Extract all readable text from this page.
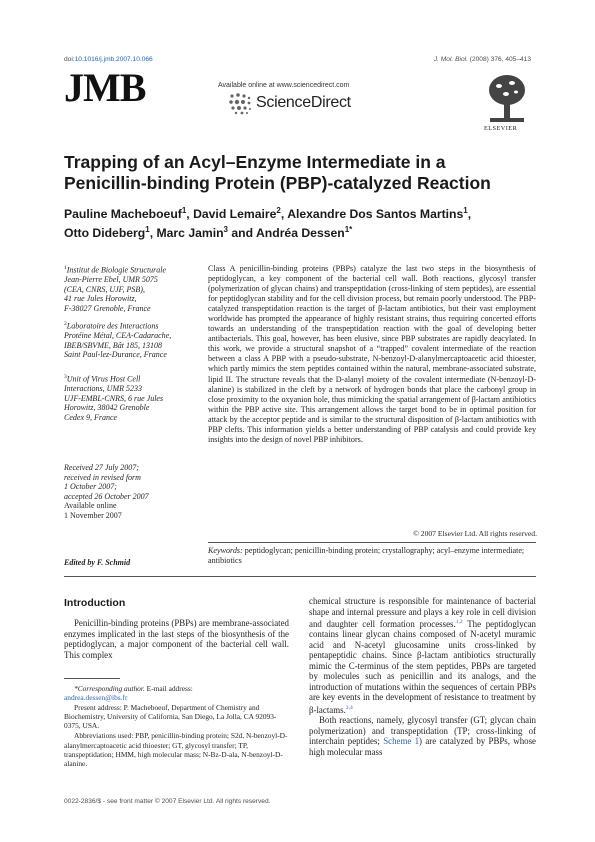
doi:10.1016/j.jmb.2007.10.066	J. Mol. Biol. (2008) 376, 405–413
JMB	Available online at www.sciencedirect.com
ScienceDirect
ELSEVIER
Trapping of an Acyl–Enzyme Intermediate in a
Penicillin-binding Protein (PBP)-catalyzed Reaction
Pauline Macheboeuf$^1$, David Lemaire$^2$, Alexandre Dos Santos Martins$^1$,
Otto Dideberg$^1$, Marc Jamin$^3$ and Andréa Dessen$^{1*}$
$^1$Institut de Biologie Structurale
Jean-Pierre Ebel, UMR 5075
(CEA, CNRS, UJF, PSB),
41 rue Jules Horowitz,
F-38027 Grenoble, France
$^2$Laboratoire des Interactions
Protéine Métal, CEA-Cadarache,
IBEB/SBVME, Bât 185, 13108
Saint Paul-lez-Durance, France
$^3$Unit of Virus Host Cell
Interactions, UMR 5233
UJF-EMBL-CNRS, 6 rue Jules
Horowitz, 38042 Grenoble
Cedex 9, France
Received 27 July 2007;
received in revised form
1 October 2007;
accepted 26 October 2007
Available online
1 November 2007
Edited by F. Schmid
Class A penicillin-binding proteins (PBPs) catalyze the last two steps in the biosynthesis of peptidoglycan, a key component of the bacterial cell wall. Both reactions, glycosyl transfer (polymerization of glycan chains) and transpeptidation (cross-linking of stem peptides), are essential for peptidoglycan stability and for the cell division process, but remain poorly understood. The PBP-catalyzed transpeptidation reaction is the target of β-lactam antibiotics, but their vast employment worldwide has prompted the appearance of highly resistant strains, thus requiring concerted efforts towards an understanding of the transpeptidation reaction with the goal of developing better antibacterials. This goal, however, has been elusive, since PBP substrates are rapidly deacylated. In this work, we provide a structural snapshot of a “trapped” covalent intermediate of the reaction between a class A PBP with a pseudo-substrate, N-benzoyl-D-alanylmercaptoacetic acid thioester, which partly mimics the stem peptides contained within the natural, membrane-associated substrate, lipid II. The structure reveals that the D-alanyl moiety of the covalent intermediate (N-benzoyl-D-alanine) is stabilized in the cleft by a network of hydrogen bonds that place the carbonyl group in close proximity to the oxyanion hole, thus mimicking the spatial arrangement of β-lactam antibiotics within the PBP active site. This arrangement allows the target bond to be in optimal position for attack by the acceptor peptide and is similar to the structural disposition of β-lactam antibiotics with PBP clefts. This information yields a better understanding of PBP catalysis and could provide key insights into the design of novel PBP inhibitors.
© 2007 Elsevier Ltd. All rights reserved.
Keywords: peptidoglycan; penicillin-binding protein; crystallography; acyl–enzyme intermediate; antibiotics
Introduction
Penicillin-binding proteins (PBPs) are membrane-associated enzymes implicated in the last steps of the biosynthesis of the peptidoglycan, a major component of the bacterial cell wall. This complex

*Corresponding author. E-mail address:
andrea.dessen@ibs.fr

Present address: P. Macheboeuf, Department of Chemistry and Biochemistry, University of California, San Diego, La Jolla, CA 92093-0375, USA.

Abbreviations used: PBP, penicillin-binding protein; S2d, N-benzoyl-D-alanylmercaptoacetic acid thioester; GT, glycosyl transfer; TP, transpeptidation; HMM, high molecular mass; N-Bz-D-ala, N-benzoyl-D-alanine.

chemical structure is responsible for maintenance of bacterial shape and internal pressure and plays a key role in cell division and daughter cell formation processes.$^{1,2}$ The peptidoglycan contains linear glycan chains composed of N-acetyl muramic acid and N-acetyl glucosamine units cross-linked by pentapeptidic chains. Since β-lactam antibiotics structurally mimic the C-terminus of the stem peptides, PBPs are targeted by molecules such as penicillin and its analogs, and the introduction of mutations within the sequences of certain PBPs are key events in the development of resistance to treatment by β-lactams.$^{3,4}$

Both reactions, namely, glycosyl transfer (GT; glycan chain polymerization) and transpeptidation (TP; cross-linking of interchain peptides; Scheme 1) are catalyzed by PBPs, whose high molecular mass

0022-2836/$ - see front matter © 2007 Elsevier Ltd. All rights reserved.
